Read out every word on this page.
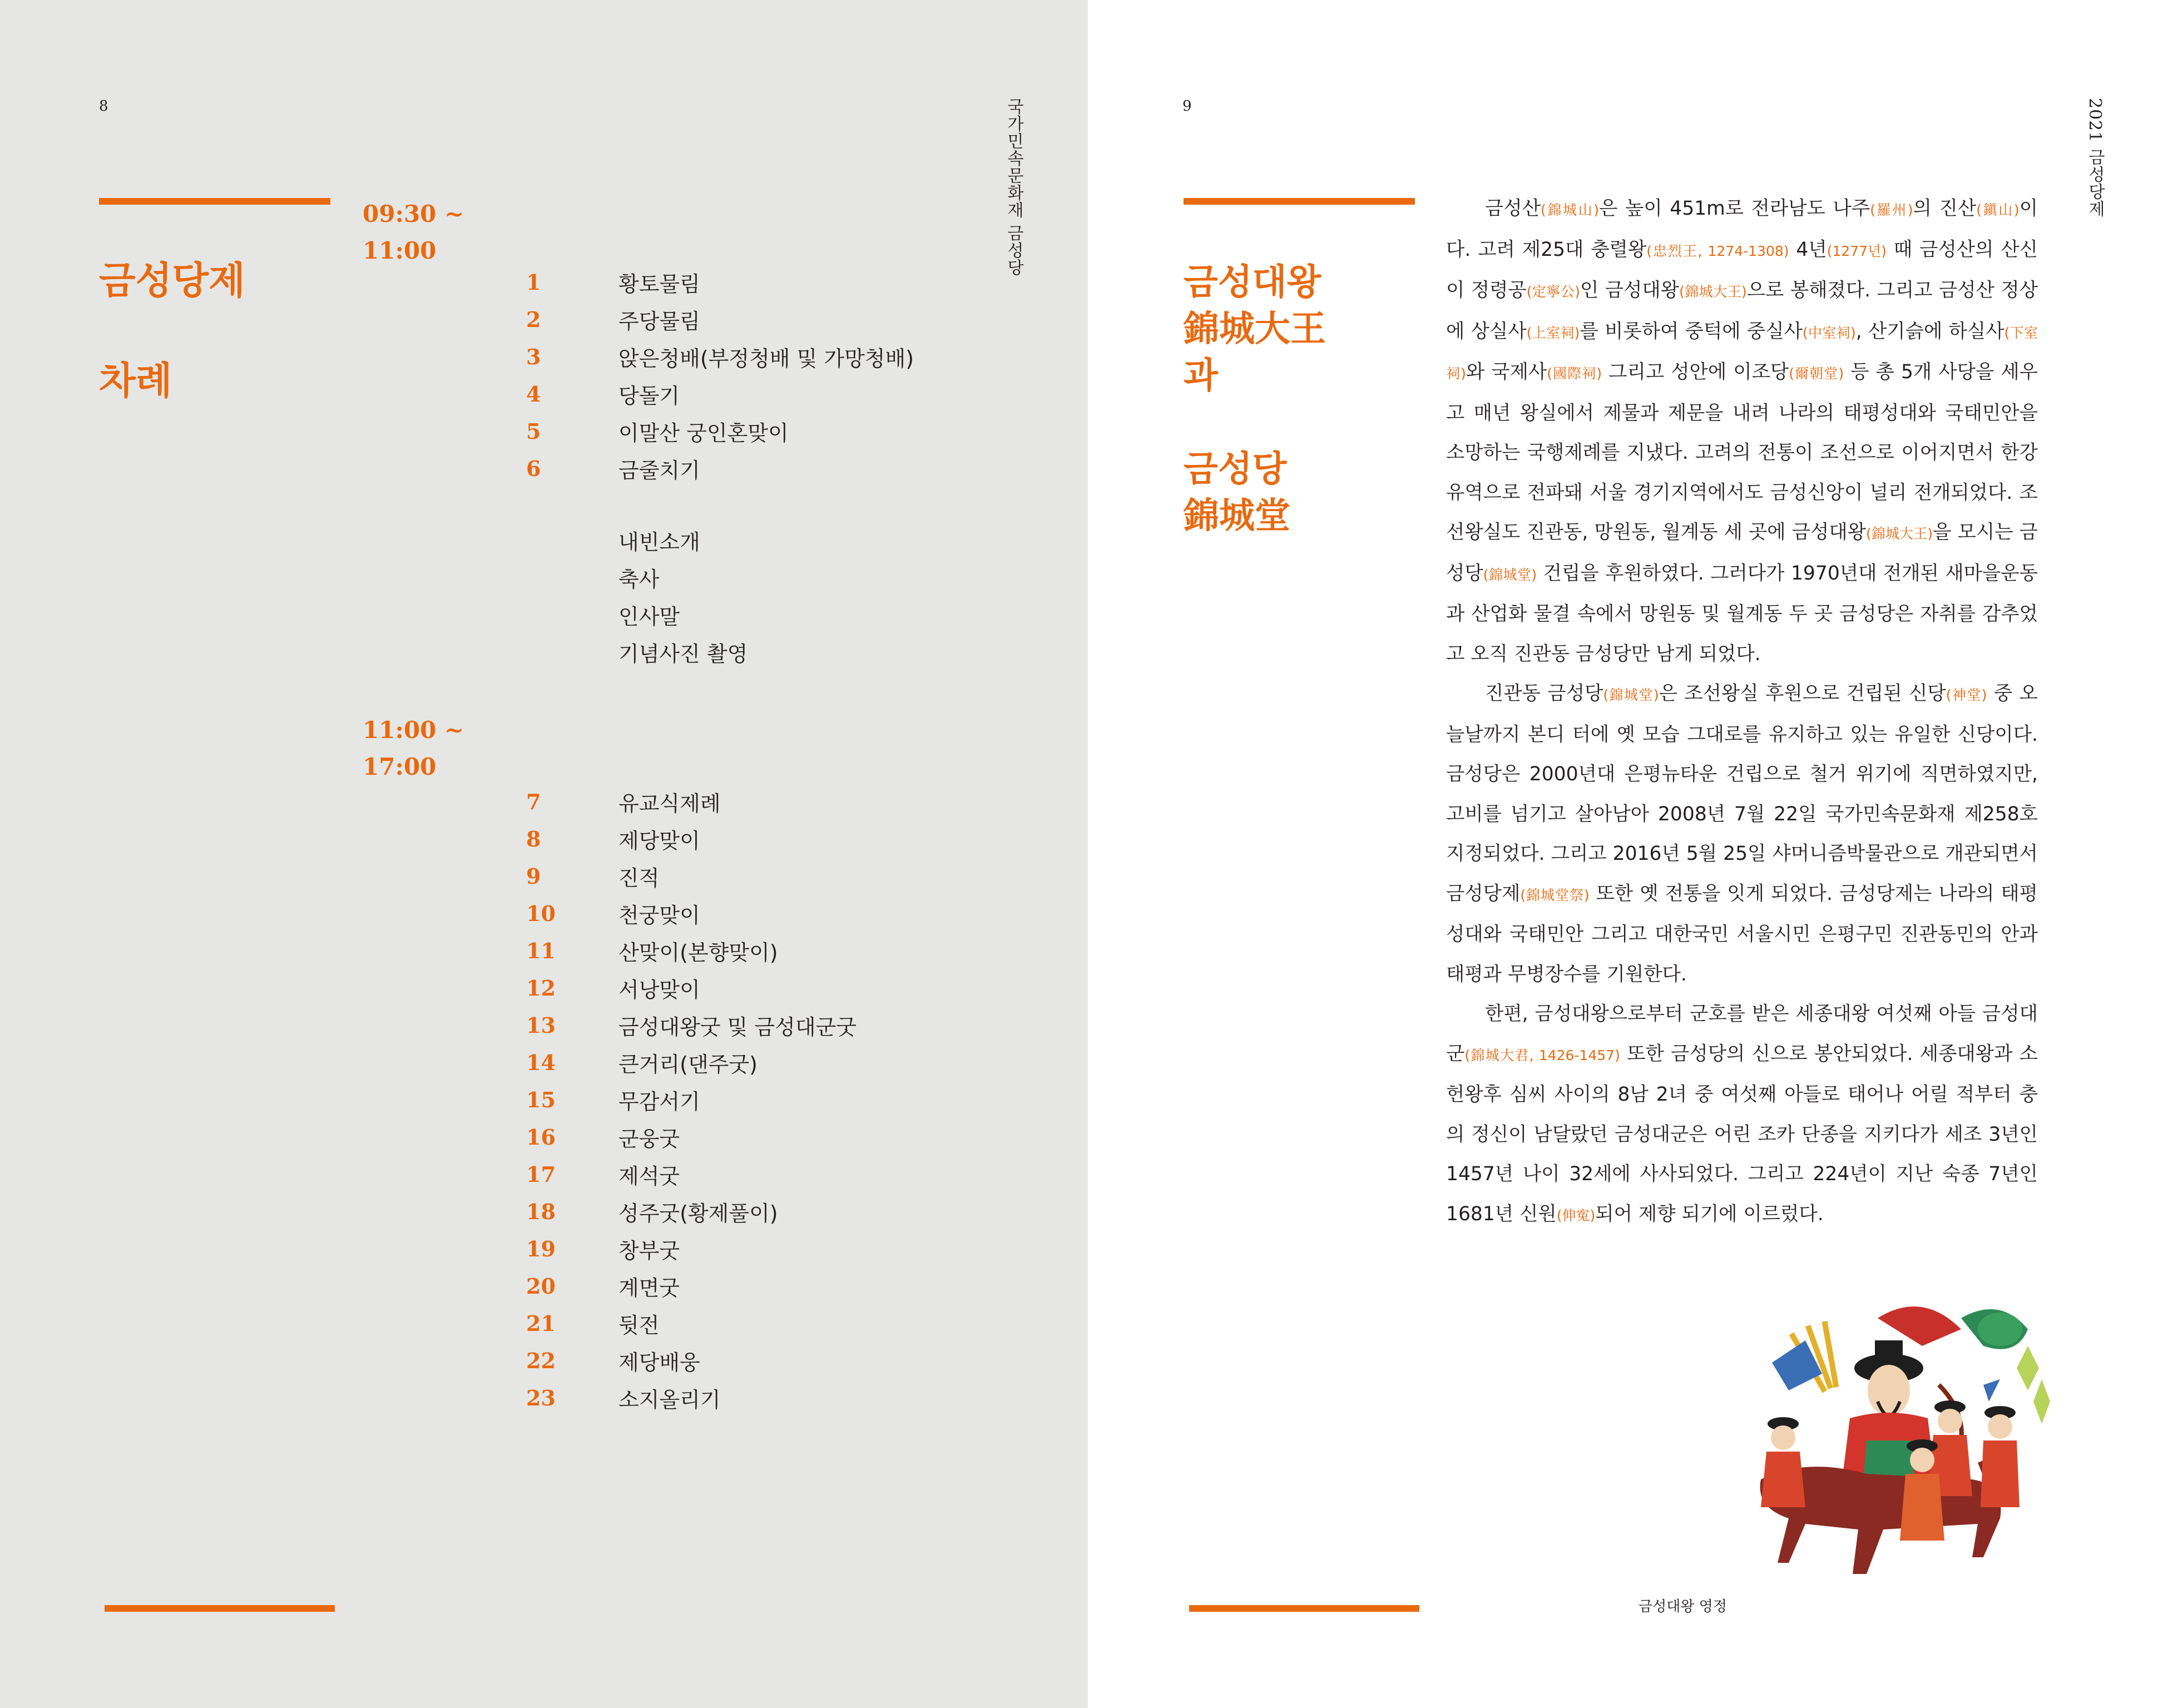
8	국가민속문화재 금성당
금성당제
차례
09:30 ~
11:00
1	황토물림
2	주당물림
3	앉은청배(부정청배 및 가망청배)
4	당돌기
5	이말산 궁인혼맞이
6	금줄치기
내빈소개
축사
인사말
기념사진 촬영
11:00 ~
17:00
7	유교식제례
8	제당맞이
9	진적
10	천궁맞이
11	산맞이(본향맞이)
12	서낭맞이
13	금성대왕굿 및 금성대군굿
14	큰거리(댄주굿)
15	무감서기
16	군웅굿
17	제석굿
18	성주굿(황제풀이)
19	창부굿
20	계면굿
21	뒷전
22	제당배웅
23	소지올리기
9	2021 금성당제
금성대왕
錦城大王
과
금성당
錦城堂
금성대왕 영정

금성산(錦城山)은 높이 451m로 전라남도 나주(羅州)의 진산(鎭山)이다. 고려 제25대 충렬왕(忠烈王, 1274-1308) 4년(1277년) 때 금성산의 산신이 정령공(定寧公)인 금성대왕(錦城大王)으로 봉해졌다. 그리고 금성산 정상에 상실사(上室祠)를 비롯하여 중턱에 중실사(中室祠), 산기슭에 하실사(下室祠)와 국제사(國際祠) 그리고 성안에 이조당(爾朝堂) 등 총 5개 사당을 세우고 매년 왕실에서 제물과 제문을 내려 나라의 태평성대와 국태민안을 소망하는 국행제례를 지냈다. 고려의 전통이 조선으로 이어지면서 한강 유역으로 전파돼 서울 경기지역에서도 금성신앙이 널리 전개되었다. 조선왕실도 진관동, 망원동, 월계동 세 곳에 금성대왕(錦城大王)을 모시는 금성당(錦城堂) 건립을 후원하였다. 그러다가 1970년대 전개된 새마을운동과 산업화 물결 속에서 망원동 및 월계동 두 곳 금성당은 자취를 감추었고 오직 진관동 금성당만 남게 되었다.

진관동 금성당(錦城堂)은 조선왕실 후원으로 건립된 신당(神堂) 중 오늘날까지 본디 터에 옛 모습 그대로를 유지하고 있는 유일한 신당이다. 금성당은 2000년대 은평뉴타운 건립으로 철거 위기에 직면하였지만, 고비를 넘기고 살아남아 2008년 7월 22일 국가민속문화재 제258호 지정되었다. 그리고 2016년 5월 25일 샤머니즘박물관으로 개관되면서 금성당제(錦城堂祭) 또한 옛 전통을 잇게 되었다. 금성당제는 나라의 태평성대와 국태민안 그리고 대한국민 서울시민 은평구민 진관동민의 안과태평과 무병장수를 기원한다.

한편, 금성대왕으로부터 군호를 받은 세종대왕 여섯째 아들 금성대군(錦城大君, 1426-1457) 또한 금성당의 신으로 봉안되었다. 세종대왕과 소헌왕후 심씨 사이의 8남 2녀 중 여섯째 아들로 태어나 어릴 적부터 충의 정신이 남달랐던 금성대군은 어린 조카 단종을 지키다가 세조 3년인 1457년 나이 32세에 사사되었다. 그리고 224년이 지난 숙종 7년인 1681년 신원(伸寃)되어 제향 되기에 이르렀다.
